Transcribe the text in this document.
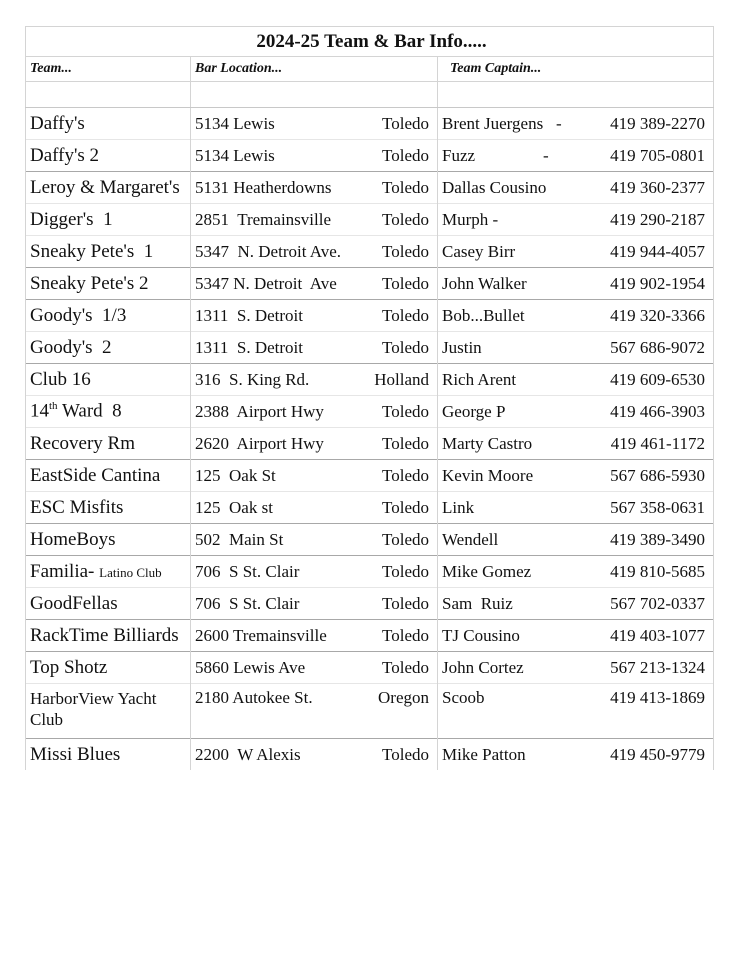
2024-25 Team & Bar Info.....		
Team...	Bar Location...	Team Captain...

Daffy's	5134 Lewis Toledo	Brent Juergens   - 419 389-2270

Daffy's 2	5134 Lewis Toledo	Fuzz                - 419 705-0801

Leroy & Margaret's	5131 Heatherdowns Toledo	Dallas Cousino 419 360-2377

Digger's  1	2851  Tremainsville Toledo	Murph - 419 290-2187

Sneaky Pete's  1	5347  N. Detroit Ave. Toledo	Casey Birr 419 944-4057

Sneaky Pete's 2	5347 N. Detroit  Ave Toledo	John Walker 419 902-1954

Goody's  1/3	1311  S. Detroit Toledo	Bob...Bullet 419 320-3366

Goody's  2	1311  S. Detroit Toledo	Justin 567 686-9072

Club 16	316  S. King Rd. Holland	Rich Arent 419 609-6530

14th Ward  8	2388  Airport Hwy Toledo	George P 419 466-3903

Recovery Rm	2620  Airport Hwy Toledo	Marty Castro 419 461-1172

EastSide Cantina	125  Oak St Toledo	Kevin Moore 567 686-5930

ESC Misfits	125  Oak st Toledo	Link 567 358-0631

HomeBoys	502  Main St Toledo	Wendell 419 389-3490

Familia- Latino Club	706  S St. Clair Toledo	Mike Gomez 419 810-5685

GoodFellas	706  S St. Clair Toledo	Sam  Ruiz 567 702-0337

RackTime Billiards	2600 Tremainsville Toledo	TJ Cousino 419 403-1077

Top Shotz	5860 Lewis Ave Toledo	John Cortez 567 213-1324

HarborView Yacht Club	2180 Autokee St. Oregon	Scoob 419 413-1869

Missi Blues	2200  W Alexis Toledo	Mike Patton 419 450-9779
